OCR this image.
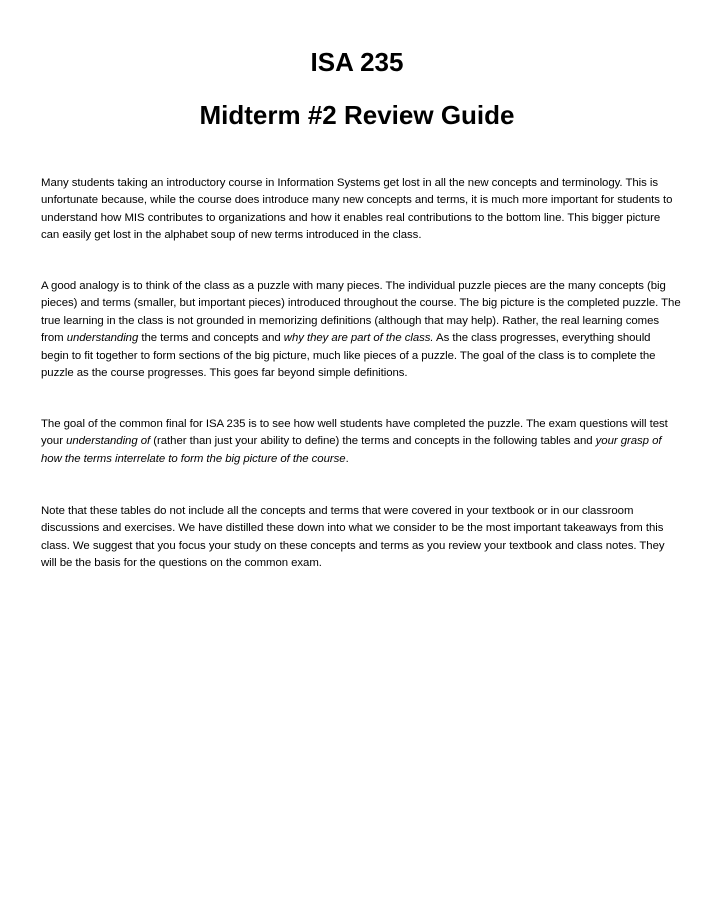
ISA 235
Midterm #2 Review Guide

Many students taking an introductory course in Information Systems get lost in all the new concepts and terminology. This is unfortunate because, while the course does introduce many new concepts and terms, it is much more important for students to understand how MIS contributes to organizations and how it enables real contributions to the bottom line. This bigger picture can easily get lost in the alphabet soup of new terms introduced in the class.

A good analogy is to think of the class as a puzzle with many pieces. The individual puzzle pieces are the many concepts (big pieces) and terms (smaller, but important pieces) introduced throughout the course. The big picture is the completed puzzle. The true learning in the class is not grounded in memorizing definitions (although that may help). Rather, the real learning comes from understanding the terms and concepts and why they are part of the class. As the class progresses, everything should begin to fit together to form sections of the big picture, much like pieces of a puzzle. The goal of the class is to complete the puzzle as the course progresses. This goes far beyond simple definitions.

The goal of the common final for ISA 235 is to see how well students have completed the puzzle. The exam questions will test your understanding of (rather than just your ability to define) the terms and concepts in the following tables and your grasp of how the terms interrelate to form the big picture of the course.

Note that these tables do not include all the concepts and terms that were covered in your textbook or in our classroom discussions and exercises. We have distilled these down into what we consider to be the most important takeaways from this class. We suggest that you focus your study on these concepts and terms as you review your textbook and class notes. They will be the basis for the questions on the common exam.
